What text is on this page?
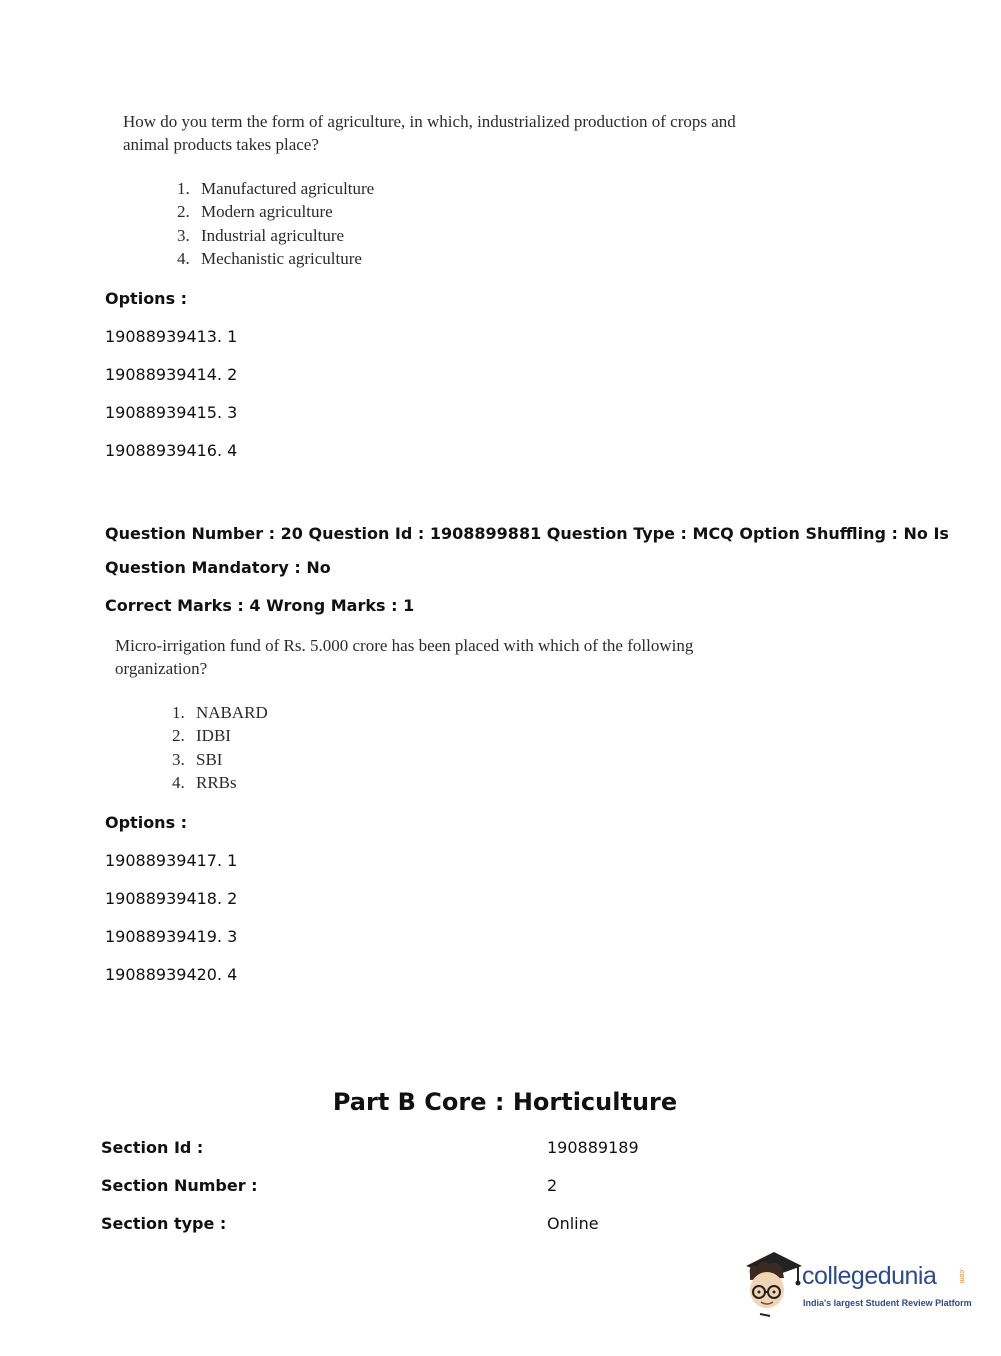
How do you term the form of agriculture, in which, industrialized production of crops and
animal products takes place?
1. Manufactured agriculture
2. Modern agriculture
3. Industrial agriculture
4. Mechanistic agriculture
Options :
19088939413. 1
19088939414. 2
19088939415. 3
19088939416. 4
Question Number : 20 Question Id : 1908899881 Question Type : MCQ Option Shuffling : No Is
Question Mandatory : No
Correct Marks : 4 Wrong Marks : 1
Micro-irrigation fund of Rs. 5.000 crore has been placed with which of the following
organization?
1. NABARD
2. IDBI
3. SBI
4. RRBs
Options :
19088939417. 1
19088939418. 2
19088939419. 3
19088939420. 4
Part B Core : Horticulture
Section Id :	190889189
Section Number :	2
Section type :	Online
collegedunia	.com
India's largest Student Review Platform
